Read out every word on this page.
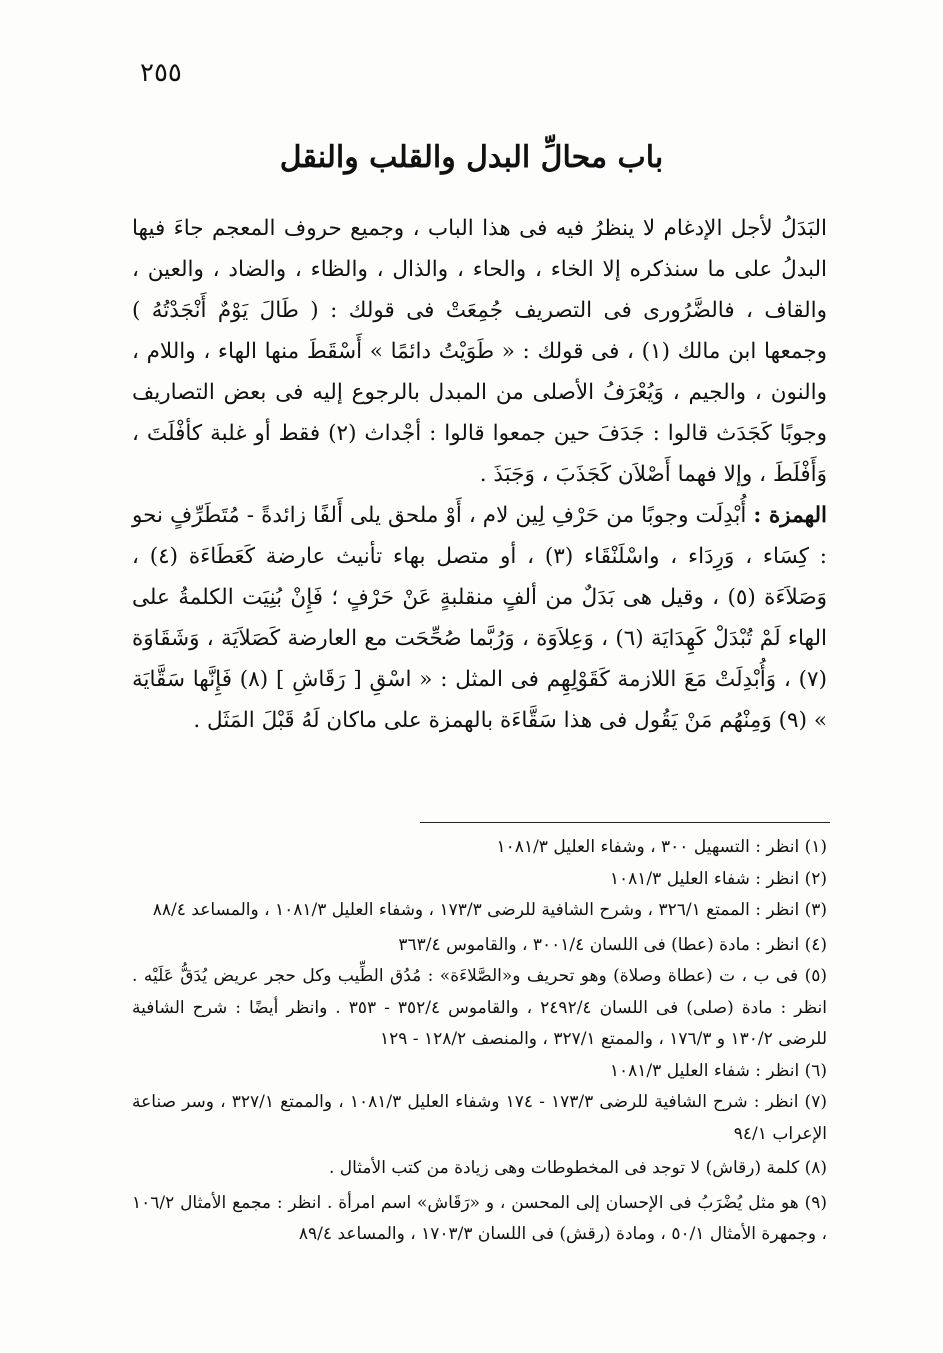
٢٥٥
باب محالِّ البدل والقلب والنقل

البَدَلُ لأجل الإدغام لا ينظرُ فيه فى هذا الباب ، وجميع حروف المعجم جاءَ فيها البدلُ على ما سنذكره إلا الخاء ، والحاء ، والذال ، والظاء ، والضاد ، والعين ، والقاف ، فالضَّرُورى فى التصريف جُمِعَتْ فى قولك : ( طَالَ يَوْمٌ أَنْجَدْتُهُ ) وجمعها ابن مالك (١) ، فى قولك : « طَوَيْتُ دائمًا » أَسْقَطَ منها الهاء ، واللام ، والنون ، والجيم ، وَيُعْرَفُ الأصلى من المبدل بالرجوع إليه فى بعض التصاريف وجوبًا كَجَدَث قالوا : جَدَفَ حين جمعوا قالوا : أجْداث (٢) فقط أو غلبة كأفْلَتَ ، وَأَفْلَطَ ، وإلا فهما أَصْلاَن كَجَذَبَ ، وَجَبَذَ .

الهمزة : أُبْدِلَت وجوبًا من حَرْفِ لِين لام ، أَوْ ملحق يلى أَلفًا زائدةً - مُتَطَرِّفٍ نحو : كِسَاء ، وَرِدَاء ، واسْلَنْقَاء (٣) ، أو متصل بهاء تأنيث عارضة كَعَطَاءَة (٤) ، وَصَلاَءَة (٥) ، وقيل هى بَدَلٌ من ألفٍ منقلبةٍ عَنْ حَرْفٍ ؛ فَإِنْ بُنِيَت الكلمةُ على الهاء لَمْ تُبْدَلْ كَهِدَايَة (٦) ، وَعِلاَوَة ، وَرُبَّما صُحِّحَت مع العارضة كَصَلاَيَة ، وَشَقَاوَة (٧) ، وَأُبْدِلَتْ مَعَ اللازمة كَقَوْلِهِم فى المثل : « اسْقِ [ رَقَاشِ ] (٨) فَإِنَّها سَقَّايَة » (٩) وَمِنْهُم مَنْ يَقُول فى هذا سَقَّاءَة بالهمزة على ماكان لَهُ قَبْلَ المَثَل .

(١) انظر : التسهيل ٣٠٠ ، وشفاء العليل ١٠٨١/٣

(٢) انظر : شفاء العليل ١٠٨١/٣

(٣) انظر : الممتع ٣٢٦/١ ، وشرح الشافية للرضى ١٧٣/٣ ، وشفاء العليل ١٠٨١/٣ ، والمساعد ٨٨/٤

(٤) انظر : مادة (عطا) فى اللسان ٣٠٠١/٤ ، والقاموس ٣٦٣/٤

(٥) فى ب ، ت (عطاة وصلاة) وهو تحريف و«الصَّلاءَة» : مُدُق الطِّيب وكل حجر عريض يُدَقُّ عَلَيْه . انظر : مادة (صلى) فى اللسان ٢٤٩٢/٤ ، والقاموس ٣٥٢/٤ - ٣٥٣ . وانظر أيضًا : شرح الشافية للرضى ١٣٠/٢ و ١٧٦/٣ ، والممتع ٣٢٧/١ ، والمنصف ١٢٨/٢ - ١٢٩

(٦) انظر : شفاء العليل ١٠٨١/٣

(٧) انظر : شرح الشافية للرضى ١٧٣/٣ - ١٧٤ وشفاء العليل ١٠٨١/٣ ، والممتع ٣٢٧/١ ، وسر صناعة الإعراب ٩٤/١

(٨) كلمة (رقاش) لا توجد فى المخطوطات وهى زيادة من كتب الأمثال .

(٩) هو مثل يُضْرَبُ فى الإحسان إلى المحسن ، و «رَقَاش» اسم امرأة . انظر : مجمع الأمثال ١٠٦/٢ ، وجمهرة الأمثال ٥٠/١ ، ومادة (رقش) فى اللسان ١٧٠٣/٣ ، والمساعد ٨٩/٤
